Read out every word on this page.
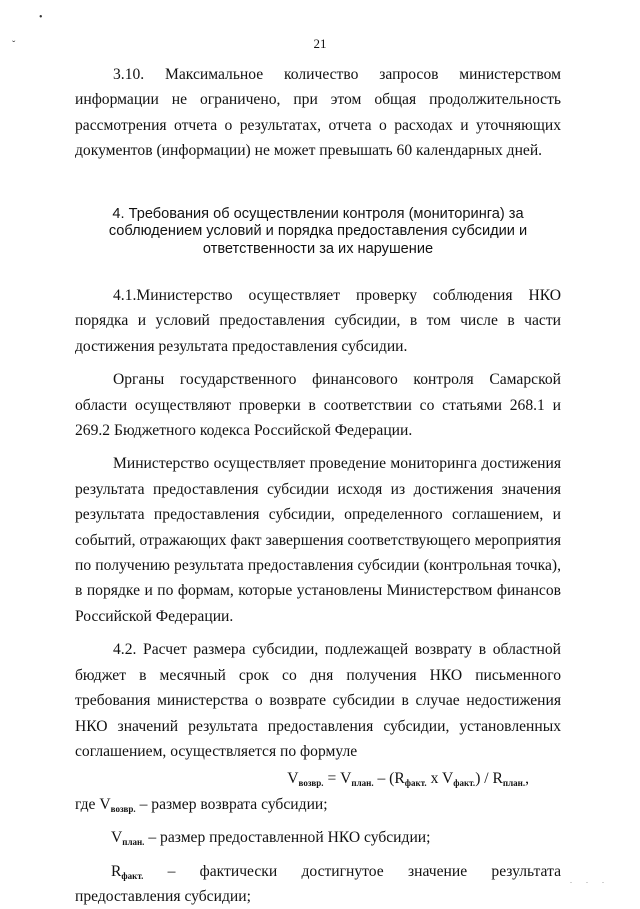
•
ˇ	21

3.10. Максимальное количество запросов министерством информации не ограничено, при этом общая продолжительность рассмотрения отчета о результатах, отчета о расходах и уточняющих документов (информации) не может превышать 60 календарных дней.

4. Требования об осуществлении контроля (мониторинга) за соблюдением условий и порядка предоставления субсидии и ответственности за их нарушение

4.1.Министерство осуществляет проверку соблюдения НКО порядка и условий предоставления субсидии, в том числе в части достижения результата предоставления субсидии.

Органы государственного финансового контроля Самарской области осуществляют проверки в соответствии со статьями 268.1 и 269.2 Бюджетного кодекса Российской Федерации.

Министерство осуществляет проведение мониторинга достижения результата предоставления субсидии исходя из достижения значения результата предоставления субсидии, определенного соглашением, и событий, отражающих факт завершения соответствующего мероприятия по получению результата предоставления субсидии (контрольная точка), в порядке и по формам, которые установлены Министерством финансов Российской Федерации.

4.2. Расчет размера субсидии, подлежащей возврату в областной бюджет в месячный срок со дня получения НКО письменного требования министерства о возврате субсидии в случае недостижения НКО значений результата предоставления субсидии, установленных соглашением, осуществляется по формуле

$V_{возвр.} = V_{план.} - (R_{факт.}$ x $V_{факт.}) / R_{план.}$,

где $V_{возвр.}$ – размер возврата субсидии;

$V_{план.}$ – размер предоставленной НКО субсидии;

$R_{факт.}$ – фактически достигнутое значение результата предоставления субсидии;

. . .
